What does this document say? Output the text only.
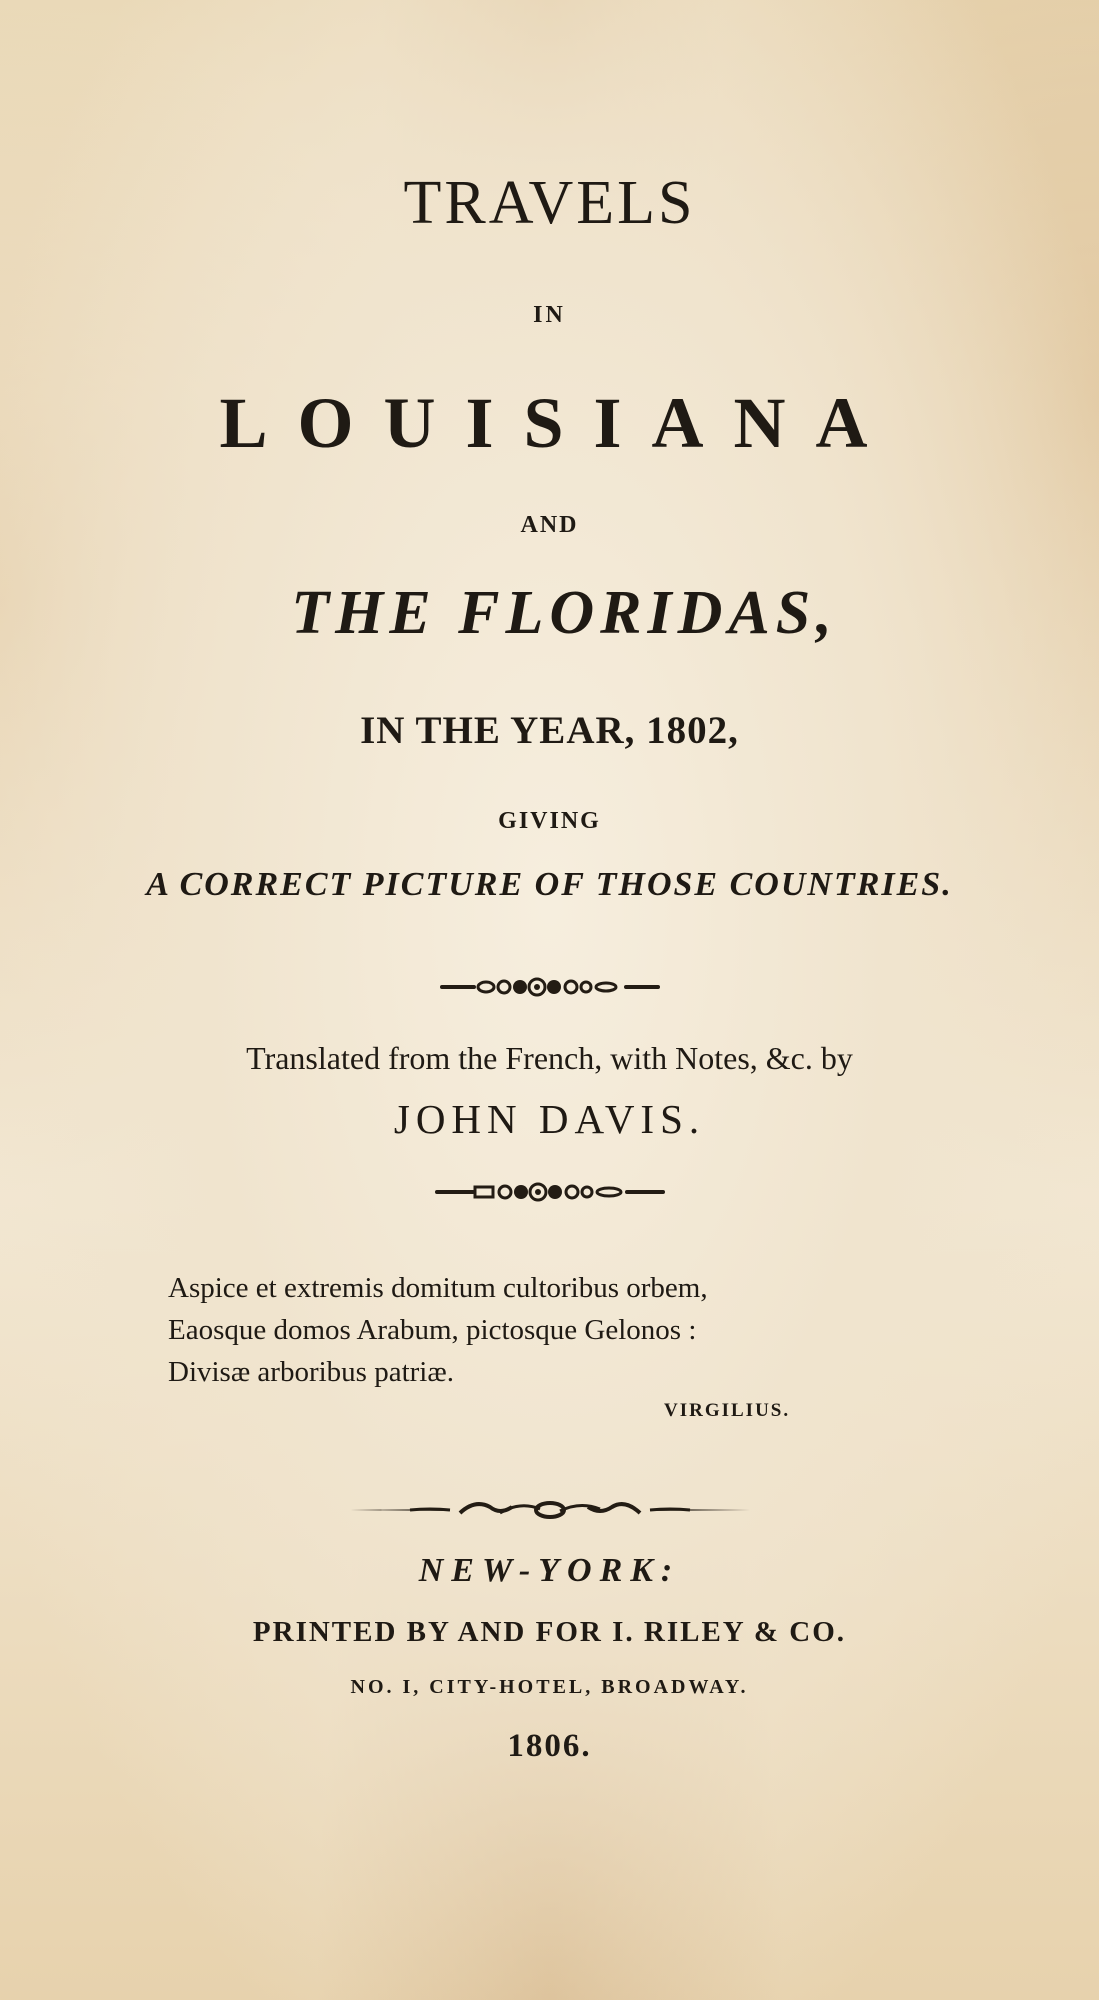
TRAVELS
IN
LOUISIANA
AND
THE FLORIDAS,
IN THE YEAR, 1802,
GIVING
A CORRECT PICTURE OF THOSE COUNTRIES.
Translated from the French, with Notes, &c. by
JOHN DAVIS.
Aspice et extremis domitum cultoribus orbem,
Eaosque domos Arabum, pictosque Gelonos :
Divisæ arboribus patriæ.
VIRGILIUS.
NEW-YORK:
PRINTED BY AND FOR I. RILEY & CO.
NO. I, CITY-HOTEL, BROADWAY.
1806.
